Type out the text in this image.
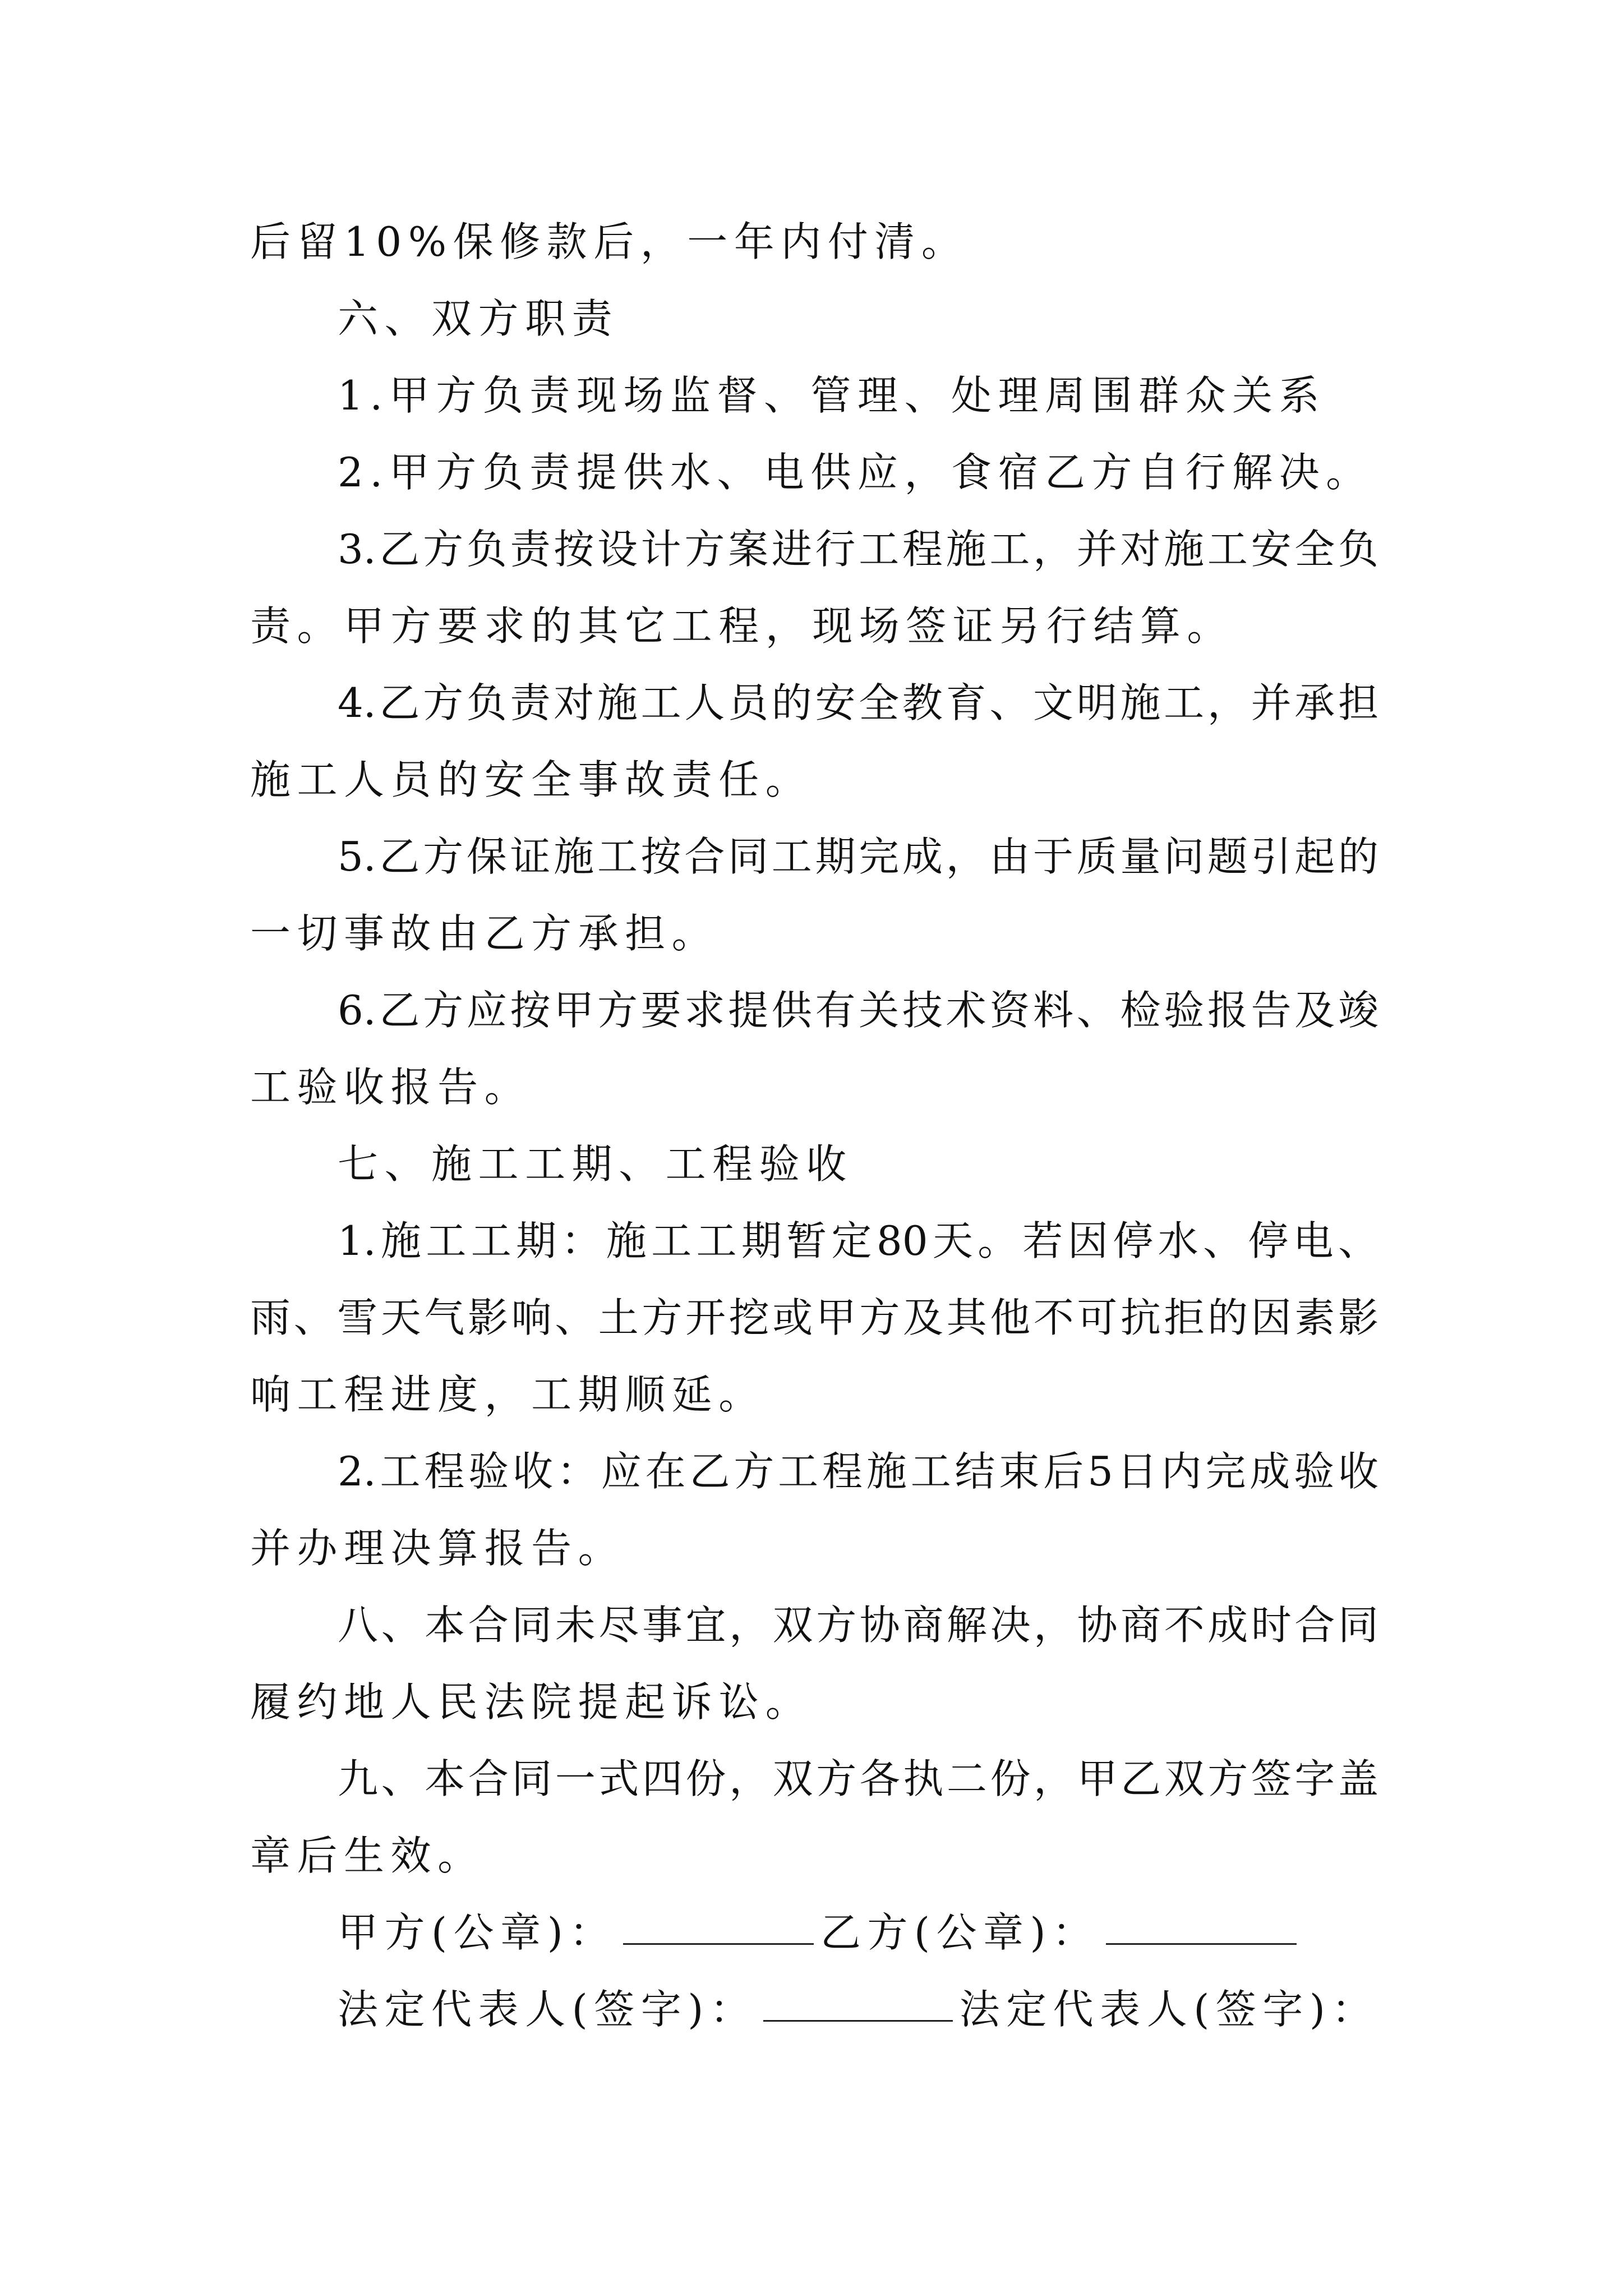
后留10%保修款后，一年内付清。
六、双方职责
1.甲方负责现场监督、管理、处理周围群众关系
2.甲方负责提供水、电供应，食宿乙方自行解决。
3.乙方负责按设计方案进行工程施工，并对施工安全负
责。甲方要求的其它工程，现场签证另行结算。
4.乙方负责对施工人员的安全教育、文明施工，并承担
施工人员的安全事故责任。
5.乙方保证施工按合同工期完成，由于质量问题引起的
一切事故由乙方承担。
6.乙方应按甲方要求提供有关技术资料、检验报告及竣
工验收报告。
七、施工工期、工程验收
1.施工工期：施工工期暂定80天。若因停水、停电、
雨、雪天气影响、土方开挖或甲方及其他不可抗拒的因素影
响工程进度，工期顺延。
2.工程验收：应在乙方工程施工结束后5日内完成验收
并办理决算报告。
八、本合同未尽事宜，双方协商解决，协商不成时合同
履约地人民法院提起诉讼。
九、本合同一式四份，双方各执二份，甲乙双方签字盖
章后生效。
甲方(公章)：	乙方(公章)：
法定代表人(签字)：	法定代表人(签字)：
